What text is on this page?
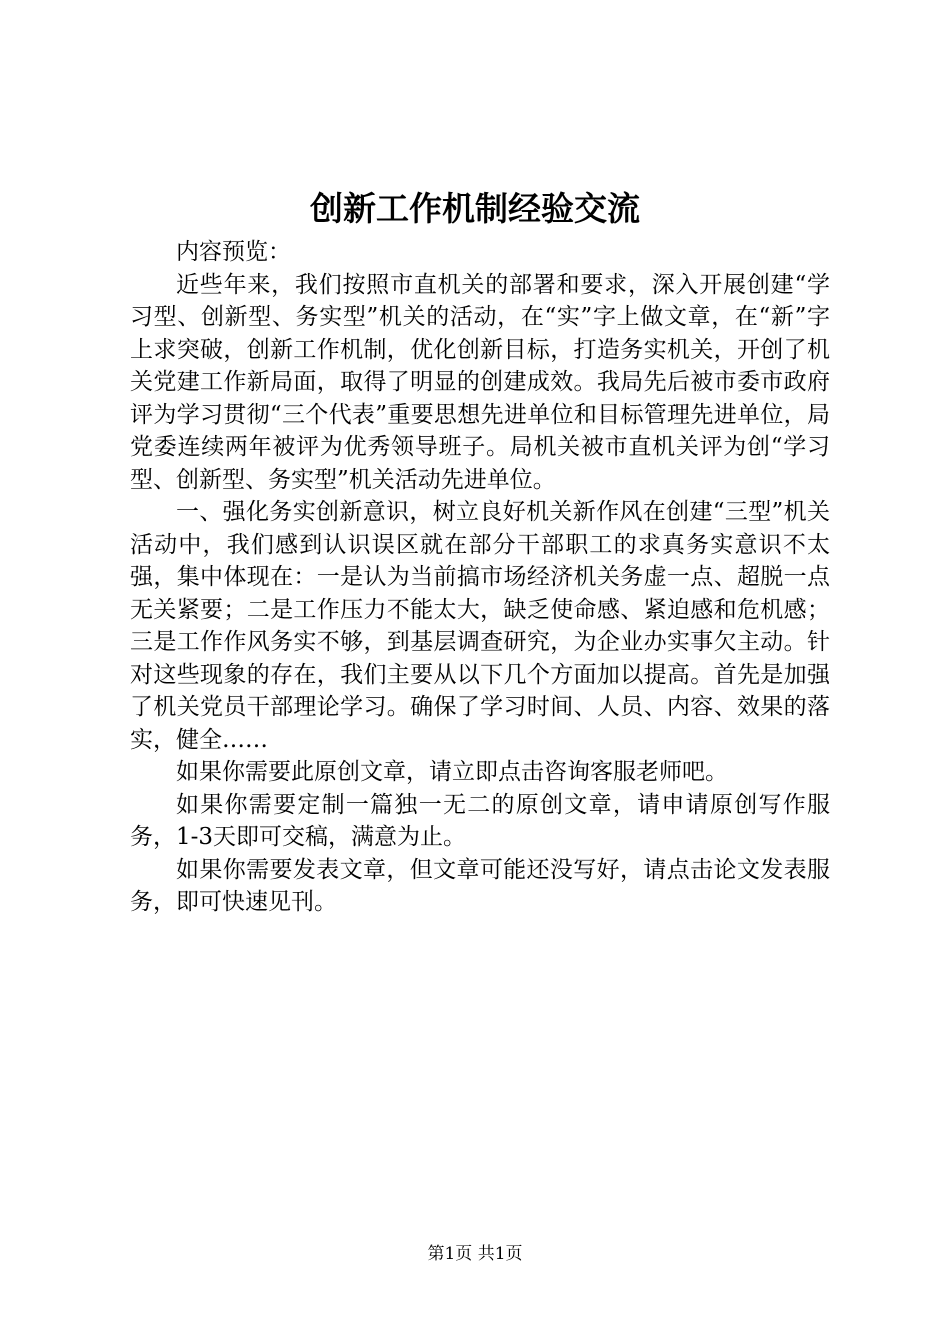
创新工作机制经验交流

内容预览：

近些年来，我们按照市直机关的部署和要求，深入开展创建“学习型、创新型、务实型”机关的活动，在“实”字上做文章，在“新”字上求突破，创新工作机制，优化创新目标，打造务实机关，开创了机关党建工作新局面，取得了明显的创建成效。我局先后被市委市政府评为学习贯彻“三个代表”重要思想先进单位和目标管理先进单位，局党委连续两年被评为优秀领导班子。局机关被市直机关评为创“学习型、创新型、务实型”机关活动先进单位。

一、强化务实创新意识，树立良好机关新作风在创建“三型”机关活动中，我们感到认识误区就在部分干部职工的求真务实意识不太强，集中体现在：一是认为当前搞市场经济机关务虚一点、超脱一点无关紧要；二是工作压力不能太大，缺乏使命感、紧迫感和危机感；三是工作作风务实不够，到基层调查研究，为企业办实事欠主动。针对这些现象的存在，我们主要从以下几个方面加以提高。首先是加强了机关党员干部理论学习。确保了学习时间、人员、内容、效果的落实，健全……

如果你需要此原创文章，请立即点击咨询客服老师吧。

如果你需要定制一篇独一无二的原创文章，请申请原创写作服务，1-3天即可交稿，满意为止。

如果你需要发表文章，但文章可能还没写好，请点击论文发表服务，即可快速见刊。

第1页 共1页
